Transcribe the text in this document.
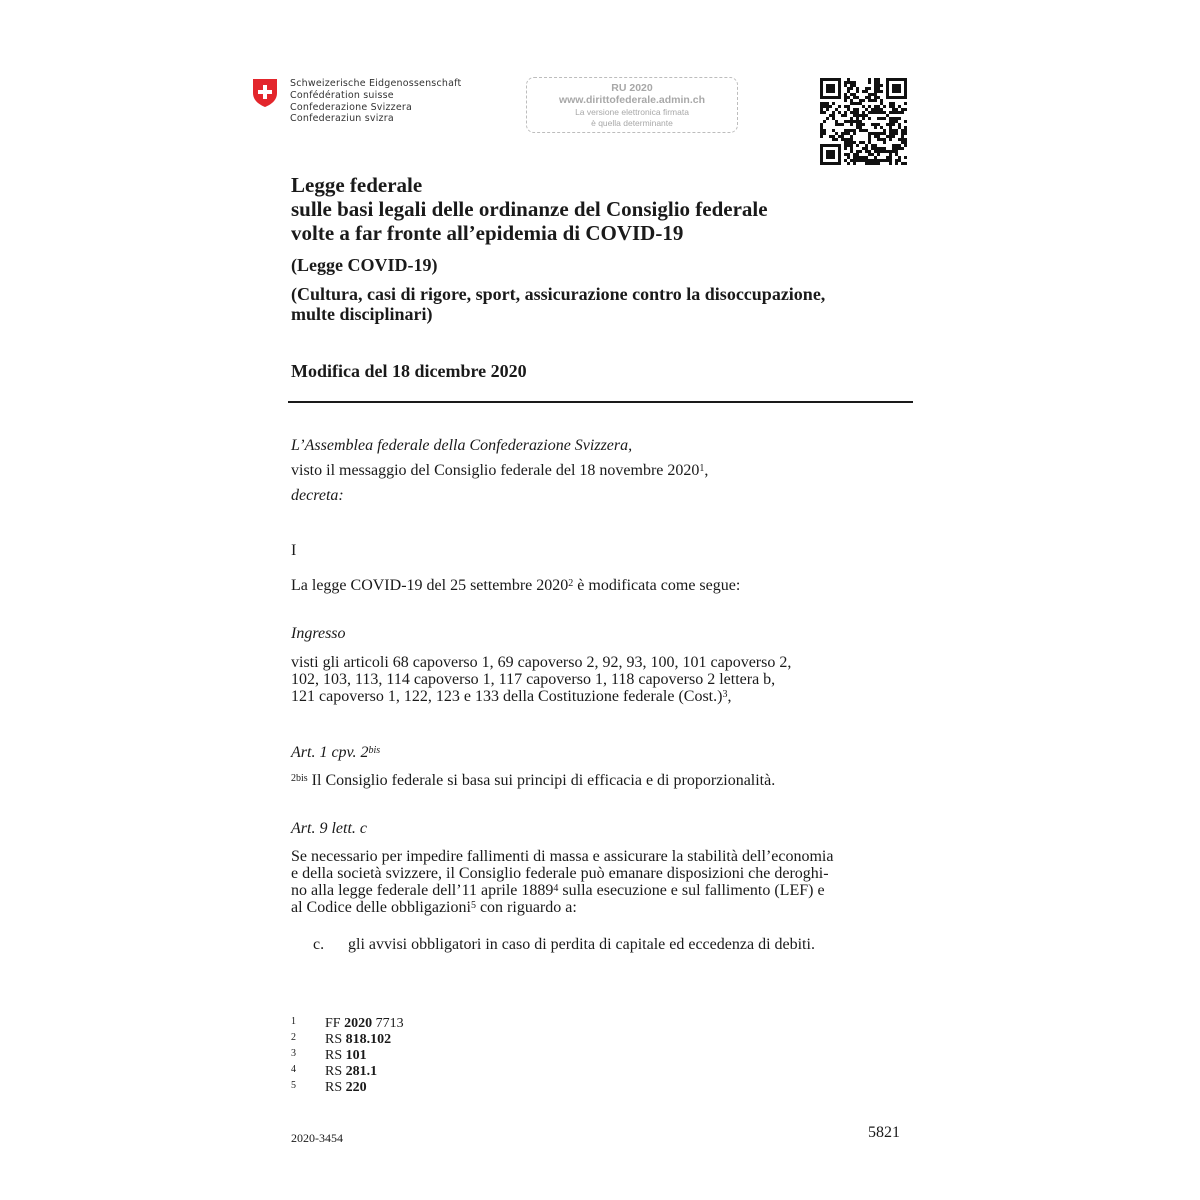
Schweizerische Eidgenossenschaft
Confédération suisse
Confederazione Svizzera
Confederaziun svizra
RU 2020
www.dirittofederale.admin.ch
La versione elettronica firmata
è quella determinante
Legge federale
sulle basi legali delle ordinanze del Consiglio federale
volte a far fronte all’epidemia di COVID-19
(Legge COVID-19)
(Cultura, casi di rigore, sport, assicurazione contro la disoccupazione,
multe disciplinari)
Modifica del 18 dicembre 2020
L’Assemblea federale della Confederazione Svizzera,
visto il messaggio del Consiglio federale del 18 novembre 2020$^1$,
decreta:
I
La legge COVID-19 del 25 settembre 2020$^2$ è modificata come segue:
Ingresso
visti gli articoli 68 capoverso 1, 69 capoverso 2, 92, 93, 100, 101 capoverso 2,
102, 103, 113, 114 capoverso 1, 117 capoverso 1, 118 capoverso 2 lettera b,
121 capoverso 1, 122, 123 e 133 della Costituzione federale (Cost.)$^3$,
Art. 1 cpv. $2^{bis}$
$^{2bis}$ Il Consiglio federale si basa sui principi di efficacia e di proporzionalità.
Art. 9 lett. c
Se necessario per impedire fallimenti di massa e assicurare la stabilità dell’economia
e della società svizzere, il Consiglio federale può emanare disposizioni che deroghi-
no alla legge federale dell’11 aprile 1889$^4$ sulla esecuzione e sul fallimento (LEF) e
al Codice delle obbligazioni$^5$ con riguardo a:
c. gli avvisi obbligatori in caso di perdita di capitale ed eccedenza di debiti.
1 FF 2020 7713
2 RS 818.102
3 RS 101
4 RS 281.1
5 RS 220
2020-3454	5821
